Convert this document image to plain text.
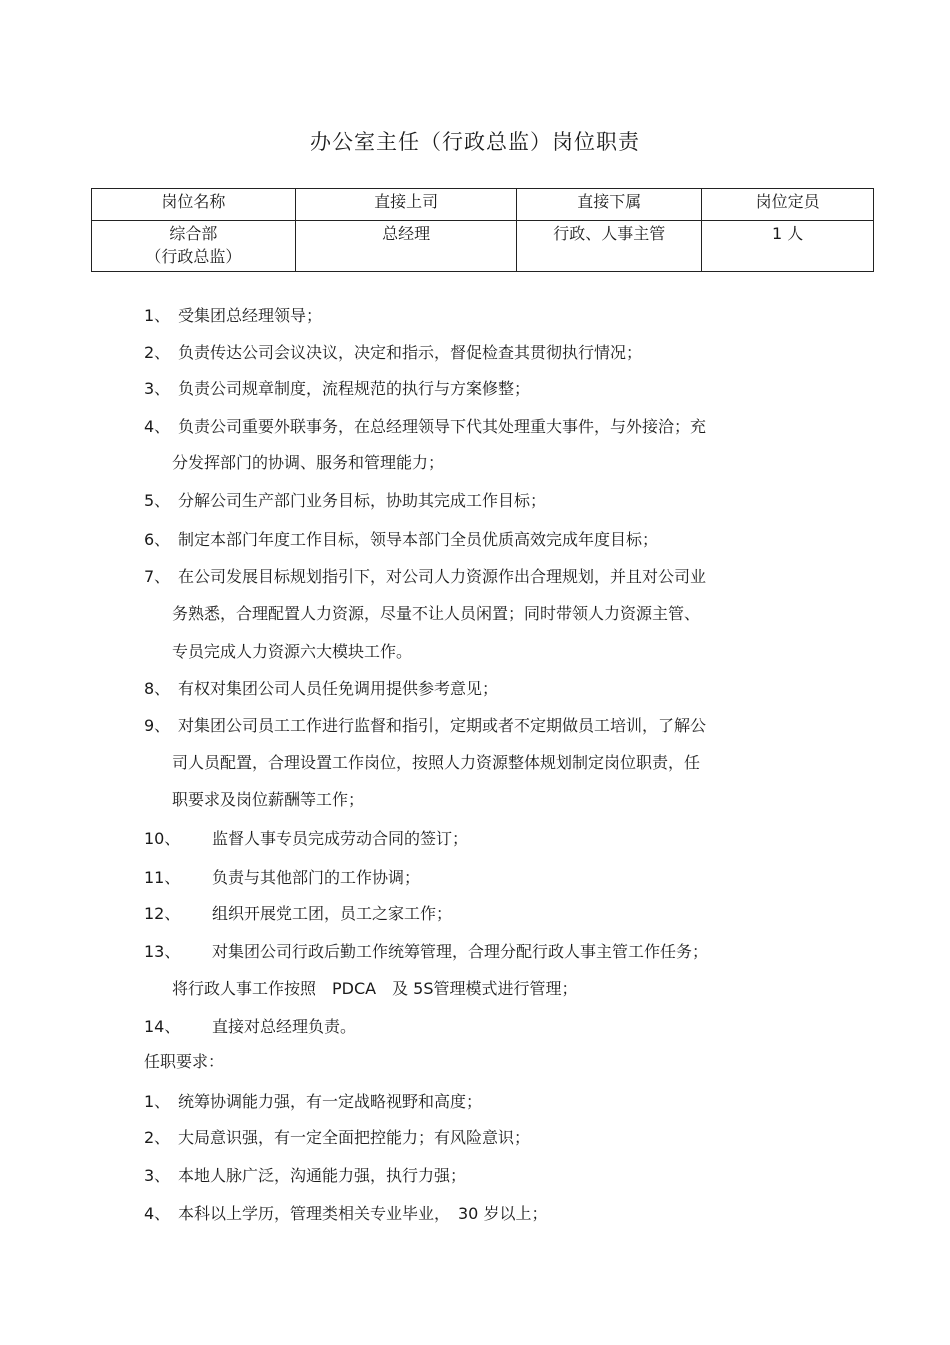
办公室主任（行政总监）岗位职责
岗位名称	直接上司	直接下属	岗位定员

综合部
（行政总监）	总经理	行政、人事主管	1 人
1、 受集团总经理领导；
2、 负责传达公司会议决议，决定和指示，督促检查其贯彻执行情况；
3、 负责公司规章制度，流程规范的执行与方案修整；
4、 负责公司重要外联事务，在总经理领导下代其处理重大事件，与外接洽；充
分发挥部门的协调、服务和管理能力；
5、 分解公司生产部门业务目标，协助其完成工作目标；
6、 制定本部门年度工作目标，领导本部门全员优质高效完成年度目标；
7、 在公司发展目标规划指引下，对公司人力资源作出合理规划，并且对公司业
务熟悉，合理配置人力资源，尽量不让人员闲置；同时带领人力资源主管、
专员完成人力资源六大模块工作。
8、 有权对集团公司人员任免调用提供参考意见；
9、 对集团公司员工工作进行监督和指引，定期或者不定期做员工培训，了解公
司人员配置，合理设置工作岗位，按照人力资源整体规划制定岗位职责，任
职要求及岗位薪酬等工作；
10、 监督人事专员完成劳动合同的签订；
11、 负责与其他部门的工作协调；
12、 组织开展党工团，员工之家工作；
13、 对集团公司行政后勤工作统筹管理，合理分配行政人事主管工作任务；
将行政人事工作按照　PDCA　及 5S管理模式进行管理；
14、 直接对总经理负责。
任职要求：
1、 统筹协调能力强，有一定战略视野和高度；
2、 大局意识强，有一定全面把控能力；有风险意识；
3、 本地人脉广泛，沟通能力强，执行力强；
4、 本科以上学历，管理类相关专业毕业，　30 岁以上；
